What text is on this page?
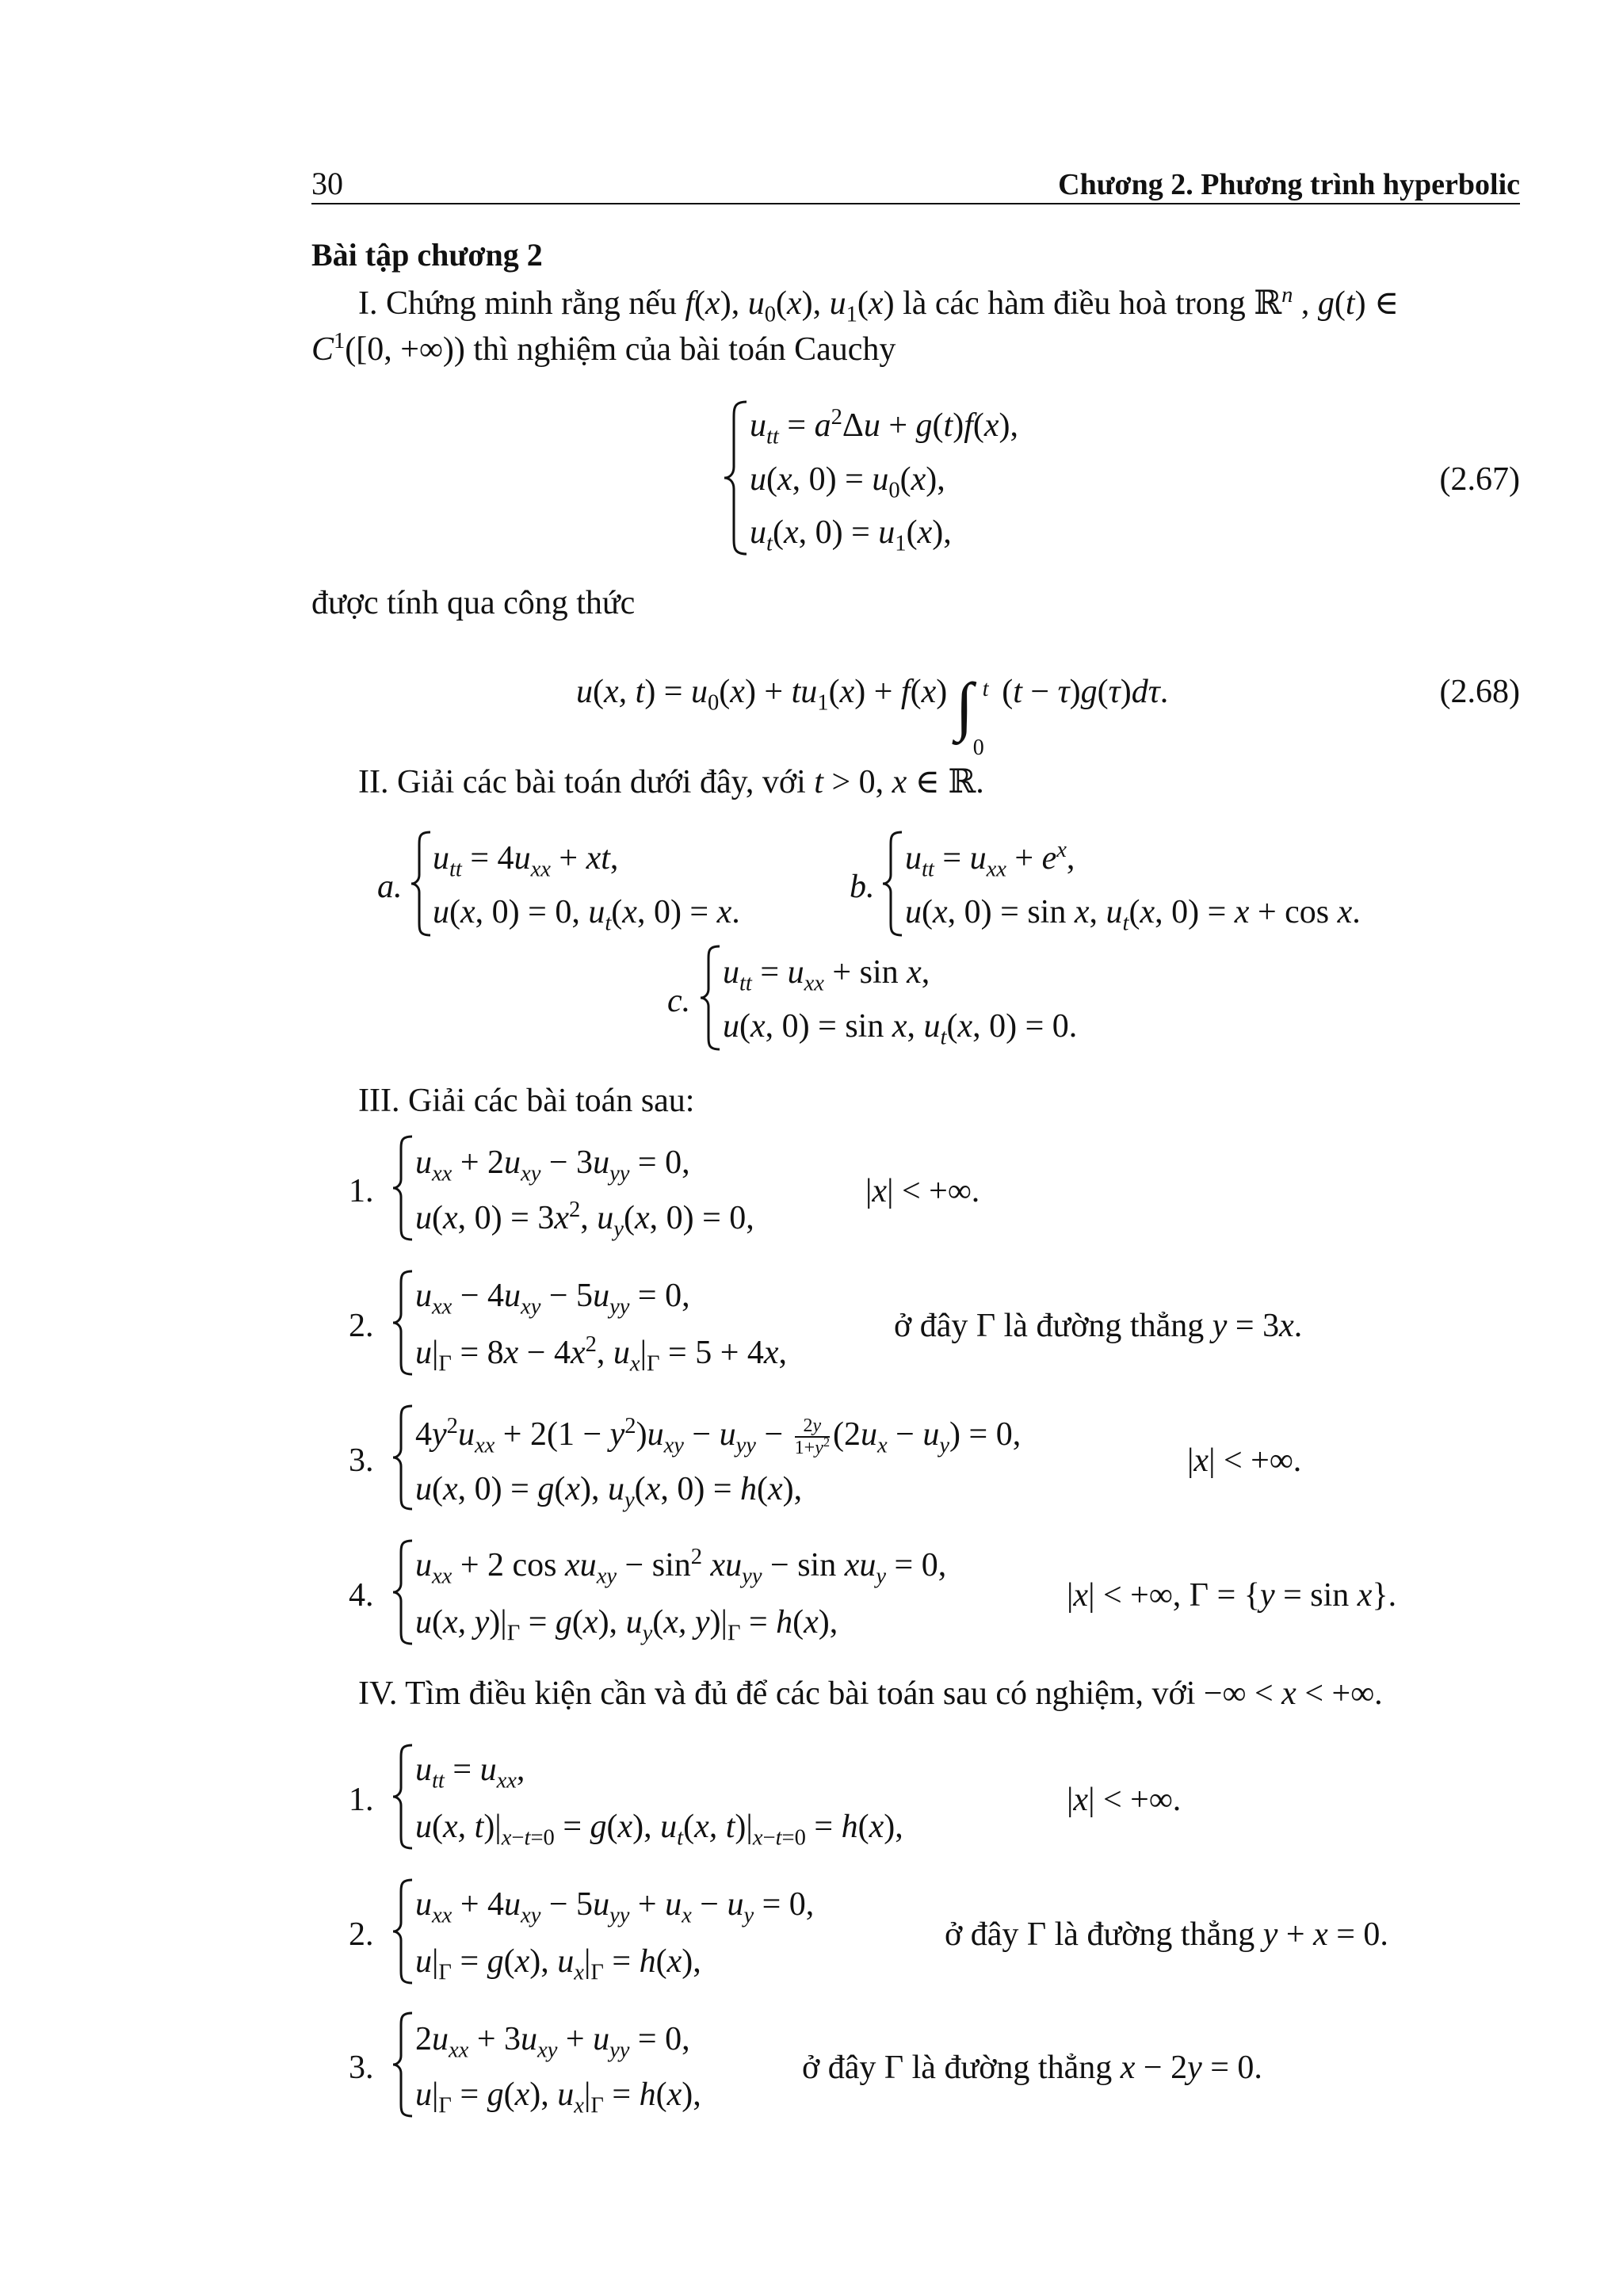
30	Chương 2. Phương trình hyperbolic
Bài tập chương 2
I. Chứng minh rằng nếu f(x), $u_0(x)$, $u_1(x)$ là các hàm điều hoà trong ℝ$^n$ , g(t) ∈
$C^1([0$, +∞)) thì nghiệm của bài toán Cauchy
$u_{tt} = a^2\Delta u + g(t)f(x)$,
u(x, $0) = u_0(x)$,
$u_t(x$, $0) = u_1(x)$,
(2.67)
được tính qua công thức
u(x, $t) = u_0(x) + tu_1(x) + f(x)$ ∫ t
0
(t − τ)g(τ)dτ.	(2.68)
II. Giải các bài toán dưới đây, với t > 0, x ∈ ℝ.
a.
$u_{tt} = 4u_{xx}$ + xt,
u(x, 0) = 0, $u_t(x$, 0) = x.
b.
$u_{tt} = u_{xx} + e^x$,
u(x, 0) = sin x, $u_t(x$, 0) = x + cos x.
c.
$u_{tt} = u_{xx} + \sin x$,
u(x, 0) = sin x, $u_t(x$, 0) = 0.
III. Giải các bài toán sau:
1.
$u_{xx} + 2u_{xy} - 3u_{yy} = 0$,
u(x, $0) = 3x^2$, $u_y(x$, 0) = 0,
|x| < +∞.
2.
$u_{xx} - 4u_{xy} - 5u_{yy} = 0$,
$u|_\Gamma = 8x - 4x^2$, $u_x|_\Gamma = 5 + 4x$,
ở đây Γ là đường thẳng y = 3x.
3.
$4y^2u_{xx} + 2(1 - y^2)u_{xy} - u_{yy} - \frac{2y}{1+y^2} (2u_x - u_y) = 0$,
u(x, 0) = g(x), $u_y(x$, 0) = h(x),
|x| < +∞.
4.
$u_{xx} + 2$ $\cos xu_{xy} - \sin^2 xu_{yy} - \sin xu_y = 0$,
u(x, $y)|_\Gamma = g(x)$, $u_y(x$, $y)|_\Gamma = h(x)$,
|x| < +∞, Γ = {y = sin x}.
IV. Tìm điều kiện cần và đủ để các bài toán sau có nghiệm, với −∞ < x < +∞.
1.
$u_{tt} = u_{xx}$,
u(x, $t)|_{x-t=0} = g(x)$, $u_t(x$, $t)|_{x-t=0} = h(x)$,
|x| < +∞.
2.
$u_{xx} + 4u_{xy} - 5u_{yy} + u_x - u_y = 0$,
$u|_\Gamma = g(x)$, $u_x|_\Gamma = h(x)$,
ở đây Γ là đường thẳng y + x = 0.
3.
$2u_{xx} + 3u_{xy} + u_{yy} = 0$,
$u|_\Gamma = g(x)$, $u_x|_\Gamma = h(x)$,
ở đây Γ là đường thẳng x − 2y = 0.
